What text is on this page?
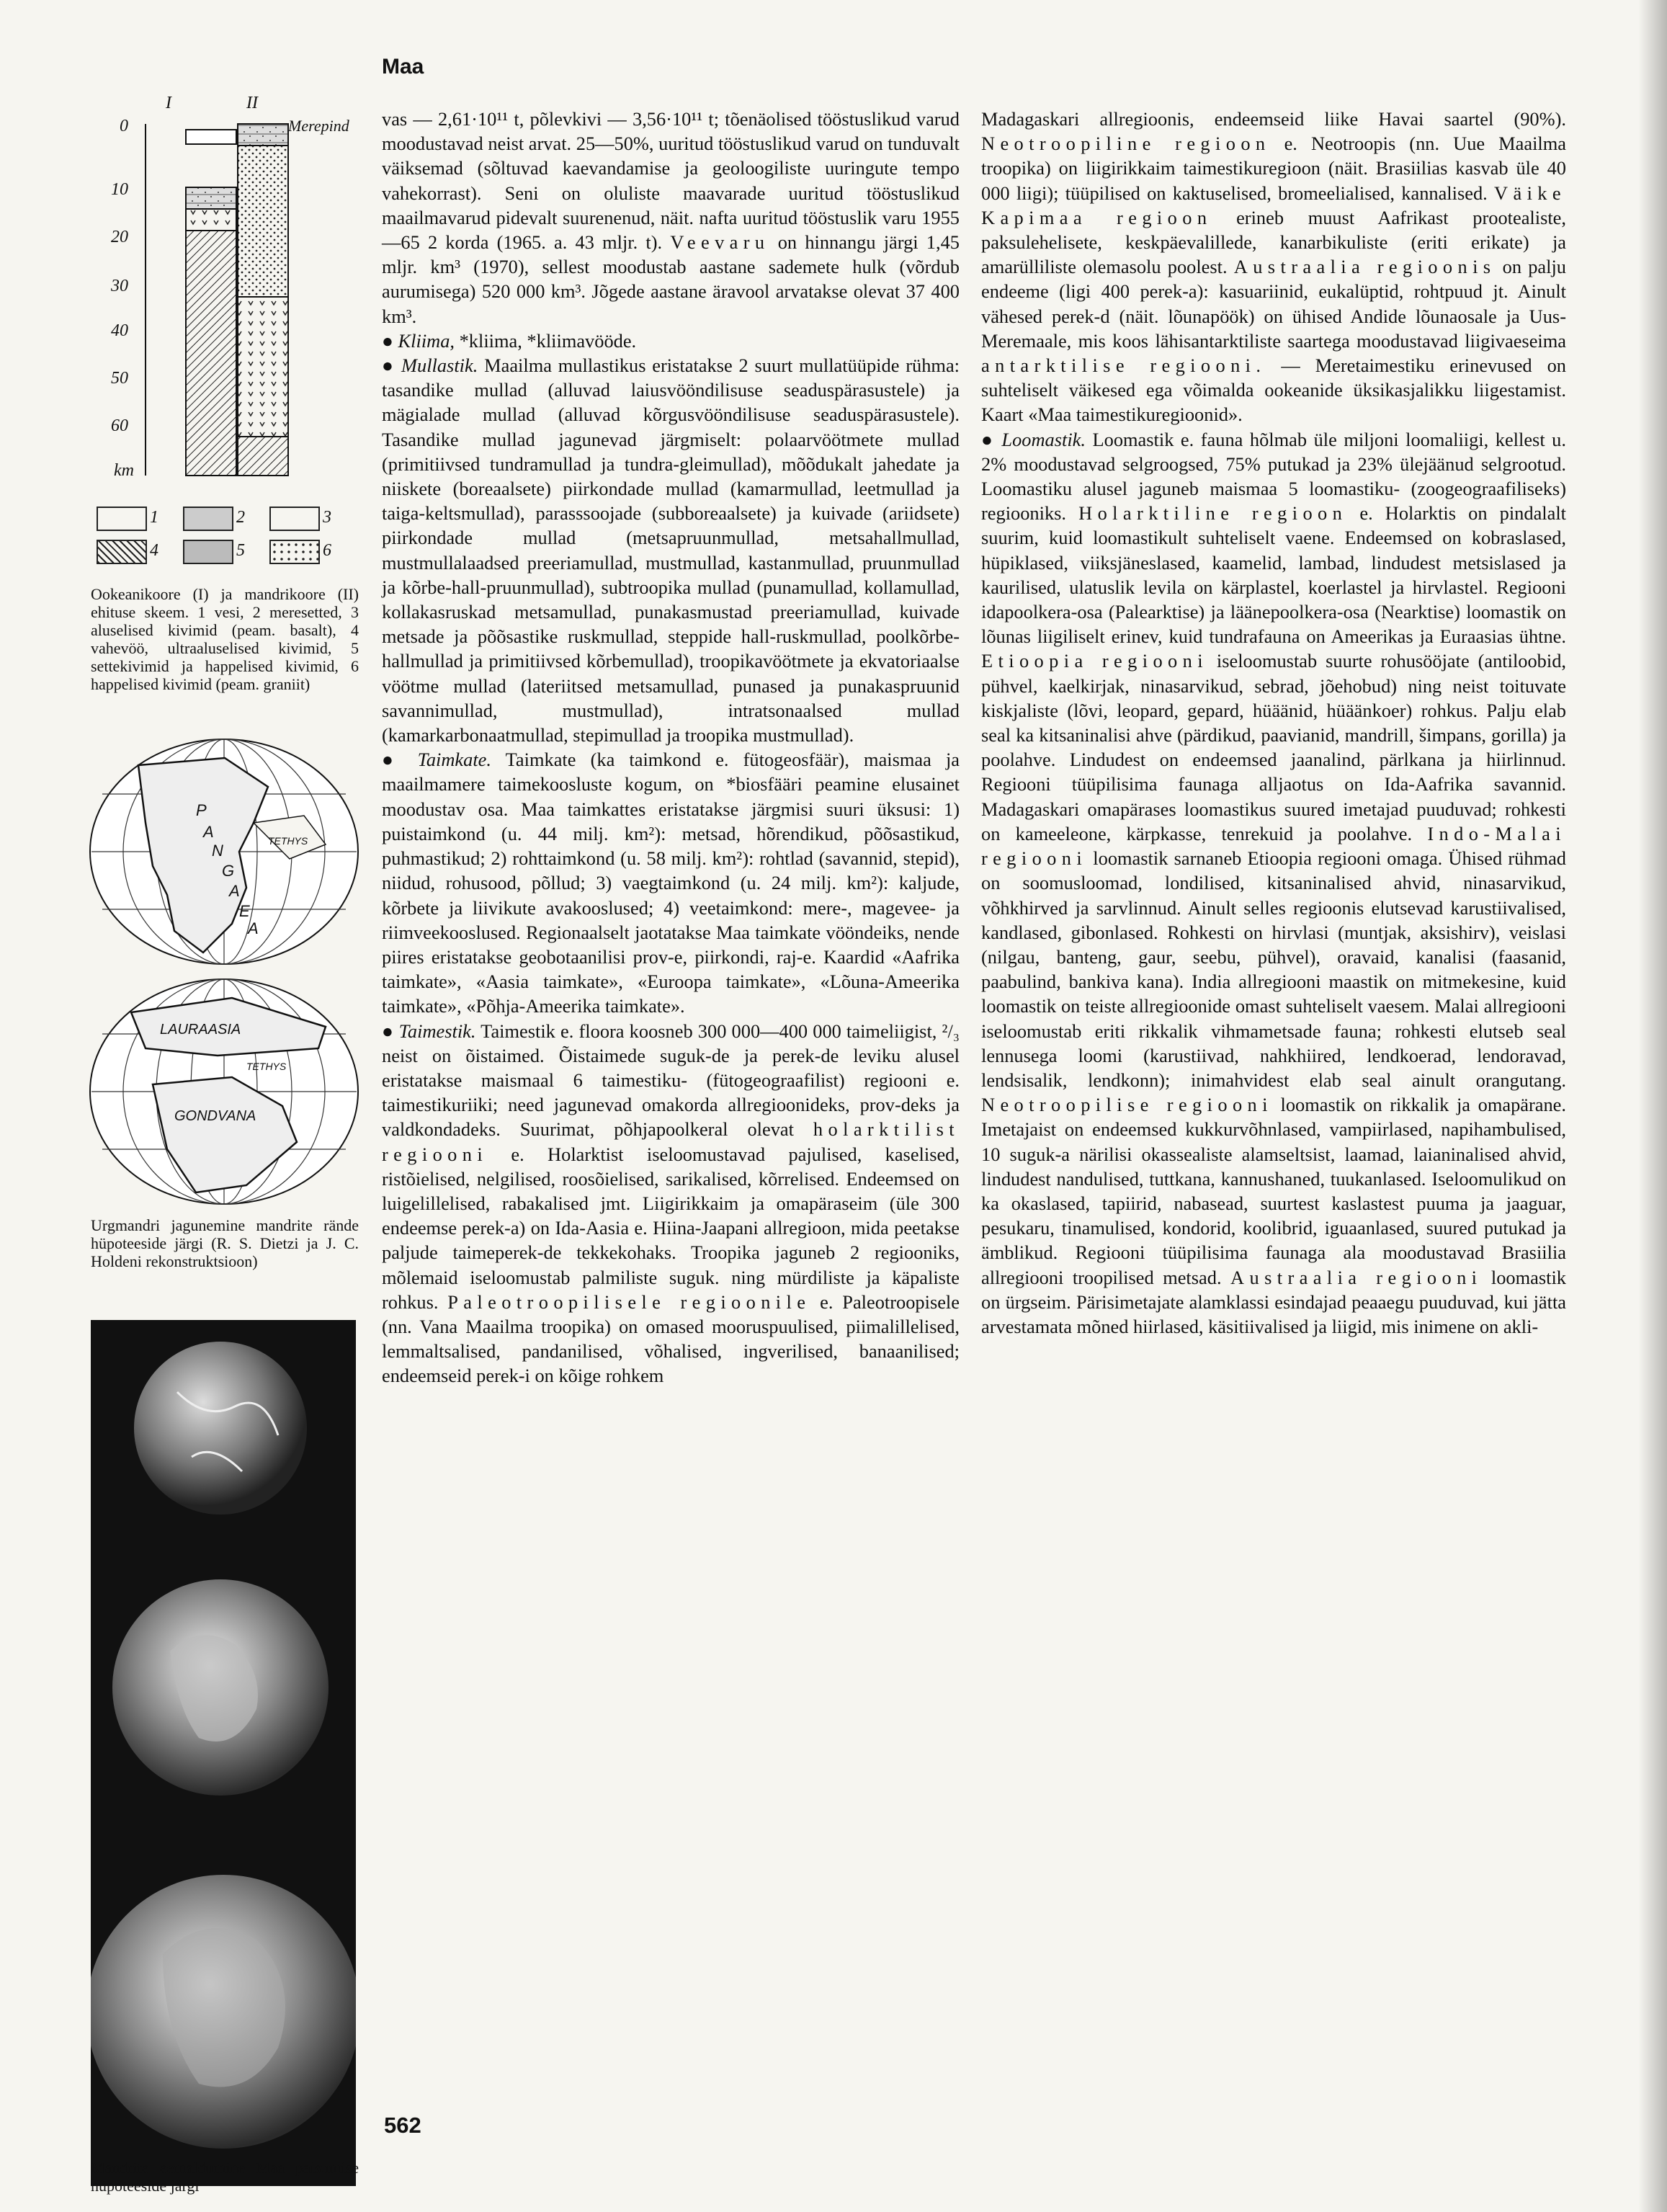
Maa
0
10
20
30
40
50
60
km
I	II
Merepind
1	2	3
4	5	6
Ookeanikoore (I) ja mandrikoore (II) ehituse skeem. 1 vesi, 2 meresetted, 3 aluselised kivimid (peam. basalt), 4 vahevöö, ultraaluselised kivimid, 5 settekivimid ja happelised kivimid, 6 happelised kivimid (peam. graniit)
P
A
N
G
A
E
A
TETHYS
LAURAASIA
TETHYS
GONDVANA
Urgmandri jagunemine mandrite rände hüpoteeside järgi (R. S. Dietzi ja J. C. Holdeni rekonstruktsioon)
Mandrite eemaldumine Maa paisumise hüpoteeside järgi

vas — 2,61·10¹¹ t, põlevkivi — 3,56·10¹¹ t; tõenäolised tööstuslikud varud moodustavad neist arvat. 25—50%, uuritud tööstuslikud varud on tunduvalt väiksemad (sõltuvad kaevandamise ja geoloogiliste uuringute tempo vahekorrast). Seni on oluliste maavarade uuritud tööstuslikud maailmavarud pidevalt suurenenud, näit. nafta uuritud tööstuslik varu 1955—65 2 korda (1965. a. 43 mljr. t). Veevaru on hinnangu järgi 1,45 mljr. km³ (1970), sellest moodustab aastane sademete hulk (võrdub aurumisega) 520 000 km³. Jõgede aastane äravool arvatakse olevat 37 400 km³.

● Kliima, *kliima, *kliimavööde.

● Mullastik. Maailma mullastikus eristatakse 2 suurt mullatüüpide rühma: tasandike mullad (alluvad laiusvööndilisuse seaduspärasustele) ja mägialade mullad (alluvad kõrgusvööndilisuse seaduspärasustele). Tasandike mullad jagunevad järgmiselt: polaarvöötmete mullad (primitiivsed tundramullad ja tundra-gleimullad), mõõdukalt jahedate ja niiskete (boreaalsete) piirkondade mullad (kamarmullad, leetmullad ja taiga-keltsmullad), parasssoojade (subboreaalsete) ja kuivade (ariidsete) piirkondade mullad (metsapruunmullad, metsahallmullad, mustmullalaadsed preeriamullad, mustmullad, kastanmullad, pruunmullad ja kõrbe-hall-pruunmullad), subtroopika mullad (punamullad, kollamullad, kollakasruskad metsamullad, punakasmustad preeriamullad, kuivade metsade ja põõsastike ruskmullad, steppide hall-ruskmullad, poolkõrbe-hallmullad ja primitiivsed kõrbemullad), troopikavöötmete ja ekvatoriaalse vöötme mullad (lateriitsed metsamullad, punased ja punakaspruunid savannimullad, mustmullad), intratsonaalsed mullad (kamarkarbonaatmullad, stepimullad ja troopika mustmullad).

● Taimkate. Taimkate (ka taimkond e. fütogeosfäär), maismaa ja maailmamere taimekoosluste kogum, on *biosfääri peamine elusainet moodustav osa. Maa taimkattes eristatakse järgmisi suuri üksusi: 1) puistaimkond (u. 44 milj. km²): metsad, hõrendikud, põõsastikud, puhmastikud; 2) rohttaimkond (u. 58 milj. km²): rohtlad (savannid, stepid), niidud, rohusood, põllud; 3) vaegtaimkond (u. 24 milj. km²): kaljude, kõrbete ja liivikute avakooslused; 4) veetaimkond: mere-, magevee- ja riimveekooslused. Regionaalselt jaotatakse Maa taimkate vööndeiks, nende piires eristatakse geobotaanilisi prov-e, piirkondi, raj-e. Kaardid «Aafrika taimkate», «Aasia taimkate», «Euroopa taimkate», «Lõuna-Ameerika taimkate», «Põhja-Ameerika taimkate».

● Taimestik. Taimestik e. floora koosneb 300 000—400 000 taimeliigist, ²/₃ neist on õistaimed. Õistaimede suguk-de ja perek-de leviku alusel eristatakse maismaal 6 taimestiku- (fütogeograafilist) regiooni e. taimestikuriiki; need jagunevad omakorda allregioonideks, prov-deks ja valdkondadeks. Suurimat, põhjapoolkeral olevat holarktilist regiooni e. Holarktist iseloomustavad pajulised, kaselised, ristõielised, nelgilised, roosõielised, sarikalised, kõrrelised. Endeemsed on luigelillelised, rabakalised jmt. Liigirikkaim ja omapäraseim (üle 300 endeemse perek-a) on Ida-Aasia e. Hiina-Jaapani allregioon, mida peetakse paljude taimeperek-de tekkekohaks. Troopika jaguneb 2 regiooniks, mõlemaid iseloomustab palmiliste suguk. ning mürdiliste ja käpaliste rohkus. Paleotroopilisele regioonile e. Paleotroopisele (nn. Vana Maailma troopika) on omased mooruspuulised, piimalillelised, lemmaltsalised, pandanilised, võhalised, ingverilised, banaanilised; endeemseid perek-i on kõige rohkem

Madagaskari allregioonis, endeemseid liike Havai saartel (90%). Neotroopiline regioon e. Neotroopis (nn. Uue Maailma troopika) on liigirikkaim taimestikuregioon (näit. Brasiilias kasvab üle 40 000 liigi); tüüpilised on kaktuselised, bromeelialised, kannalised. Väike Kapimaa regioon erineb muust Aafrikast prootealiste, paksulehelisete, keskpäevalillede, kanarbikuliste (eriti erikate) ja amarülliliste olemasolu poolest. Austraalia regioonis on palju endeeme (ligi 400 perek-a): kasuariinid, eukalüptid, rohtpuud jt. Ainult vähesed perek-d (näit. lõunapöök) on ühised Andide lõunaosale ja Uus-Meremaale, mis koos lähisantarktiliste saartega moodustavad liigivaeseima antarktilise regiooni. — Meretaimestiku erinevused on suhteliselt väikesed ega võimalda ookeanide üksikasjalikku liigestamist. Kaart «Maa taimestikuregioonid».

● Loomastik. Loomastik e. fauna hõlmab üle miljoni loomaliigi, kellest u. 2% moodustavad selgroogsed, 75% putukad ja 23% ülejäänud selgrootud. Loomastiku alusel jaguneb maismaa 5 loomastiku- (zoogeograafiliseks) regiooniks. Holarktiline regioon e. Holarktis on pindalalt suurim, kuid loomastikult suhteliselt vaene. Endeemsed on kobraslased, hüpiklased, viiksjäneslased, kaamelid, lambad, lindudest metsislased ja kaurilised, ulatuslik levila on kärplastel, koerlastel ja hirvlastel. Regiooni idapoolkera-osa (Palearktise) ja läänepoolkera-osa (Nearktise) loomastik on lõunas liigiliselt erinev, kuid tundrafauna on Ameerikas ja Euraasias ühtne. Etioopia regiooni iseloomustab suurte rohusööjate (antiloobid, pühvel, kaelkirjak, ninasarvikud, sebrad, jõehobud) ning neist toituvate kiskjaliste (lõvi, leopard, gepard, hüäänid, hüäänkoer) rohkus. Palju elab seal ka kitsaninalisi ahve (pärdikud, paavianid, mandrill, šimpans, gorilla) ja poolahve. Lindudest on endeemsed jaanalind, pärlkana ja hiirlinnud. Regiooni tüüpilisima faunaga alljaotus on Ida-Aafrika savannid. Madagaskari omapärases loomastikus suured imetajad puuduvad; rohkesti on kameeleone, kärpkasse, tenrekuid ja poolahve. Indo-Malai regiooni loomastik sarnaneb Etioopia regiooni omaga. Ühised rühmad on soomusloomad, londilised, kitsaninalised ahvid, ninasarvikud, võhkhirved ja sarvlinnud. Ainult selles regioonis elutsevad karustiivalised, kandlased, gibonlased. Rohkesti on hirvlasi (muntjak, aksishirv), veislasi (nilgau, banteng, gaur, seebu, pühvel), oravaid, kanalisi (faasanid, paabulind, bankiva kana). India allregiooni maastik on mitmekesine, kuid loomastik on teiste allregioonide omast suhteliselt vaesem. Malai allregiooni iseloomustab eriti rikkalik vihmametsade fauna; rohkesti elutseb seal lennusega loomi (karustiivad, nahkhiired, lendkoerad, lendoravad, lendsisalik, lendkonn); inimahvidest elab seal ainult orangutang. Neotroopilise regiooni loomastik on rikkalik ja omapärane. Imetajaist on endeemsed kukkurvõhnlased, vampiirlased, napihambulised, 10 suguk-a närilisi okassealiste alamseltsist, laamad, laianinalised ahvid, lindudest nandulised, tuttkana, kannushaned, tuukanlased. Iseloomulikud on ka okaslased, tapiirid, nabasead, suurtest kaslastest puuma ja jaaguar, pesukaru, tinamulised, kondorid, koolibrid, iguaanlased, suured putukad ja ämblikud. Regiooni tüüpilisima faunaga ala moodustavad Brasiilia allregiooni troopilised metsad. Austraalia regiooni loomastik on ürgseim. Pärisimetajate alamklassi esindajad peaaegu puuduvad, kui jätta arvestamata mõned hiirlased, käsitiivalised ja liigid, mis inimene on akli-

562
